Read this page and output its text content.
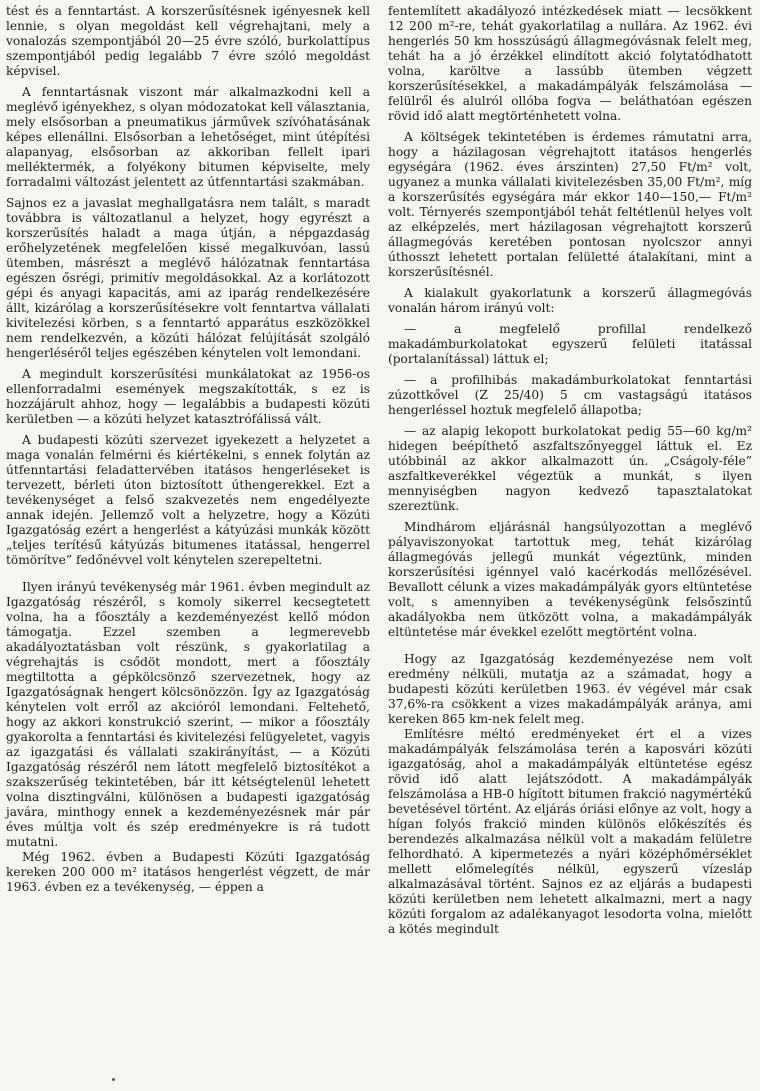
tést és a fenntartást. A korszerűsítésnek igényesnek kell lennie, s olyan megoldást kell végrehajtani, mely a vonalozás szempontjából 20—25 évre szóló, burkolattípus szempontjából pedig legalább 7 évre szóló megoldást képvisel.

A fenntartásnak viszont már alkalmazkodni kell a meglévő igényekhez, s olyan módozatokat kell választania, mely elsősorban a pneumatikus járművek szívóhatásának képes ellenállni. Elsősorban a lehetőséget, mint útépítési alapanyag, elsősorban az akkoriban fellelt ipari melléktermék, a folyékony bitumen képviselte, mely forradalmi változást jelentett az útfenntartási szakmában.

Sajnos ez a javaslat meghallgatásra nem talált, s maradt továbbra is változatlanul a helyzet, hogy egyrészt a korszerűsítés haladt a maga útján, a népgazdaság erőhelyzetének megfelelően kissé megalkuvóan, lassú ütemben, másrészt a meglévő hálózatnak fenntartása egészen ősrégi, primitív megoldásokkal. Az a korlátozott gépi és anyagi kapacitás, ami az iparág rendelkezésére állt, kizárólag a korszerűsítésekre volt fenntartva vállalati kivitelezési körben, s a fenntartó apparátus eszközökkel nem rendelkezvén, a közúti hálózat felújítását szolgáló hengerléséről teljes egészében kénytelen volt lemondani.

A megindult korszerűsítési munkálatokat az 1956-os ellenforradalmi események megszakították, s ez is hozzájárult ahhoz, hogy — legalábbis a budapesti közúti kerületben — a közúti helyzet katasztrófálissá vált.

A budapesti közúti szervezet igyekezett a helyzetet a maga vonalán felmérni és kiértékelni, s ennek folytán az útfenntartási feladattervében itatásos hengerléseket is tervezett, bérleti úton biztosított úthengerekkel. Ezt a tevékenységet a felső szakvezetés nem engedélyezte annak idején. Jellemző volt a helyzetre, hogy a Közúti Igazgatóság ezért a hengerlést a kátyúzási munkák között „teljes terítésű kátyúzás bitumenes itatással, hengerrel tömörítve” fedőnévvel volt kénytelen szerepeltetni.

Ilyen irányú tevékenység már 1961. évben megindult az Igazgatóság részéről, s komoly sikerrel kecsegtetett volna, ha a főosztály a kezdeményezést kellő módon támogatja. Ezzel szemben a legmerevebb akadályoztatásban volt részünk, s gyakorlatilag a végrehajtás is csődöt mondott, mert a főosztály megtiltotta a gépkölcsönző szervezetnek, hogy az Igazgatóságnak hengert kölcsönözzön. Így az Igazgatóság kénytelen volt erről az akcióról lemondani. Feltehető, hogy az akkori konstrukció szerint, — mikor a főosztály gyakorolta a fenntartási és kivitelezési felügyeletet, vagyis az igazgatási és vállalati szakirányítást, — a Közúti Igazgatóság részéről nem látott megfelelő biztosítékot a szakszerűség tekintetében, bár itt kétségtelenül lehetett volna disztingválni, különösen a budapesti igazgatóság javára, minthogy ennek a kezdeményezésnek már pár éves múltja volt és szép eredményekre is rá tudott mutatni.

Még 1962. évben a Budapesti Közúti Igazgatóság kereken 200 000 m² itatásos hengerlést végzett, de már 1963. évben ez a tevékenység, — éppen a

fentemlített akadályozó intézkedések miatt — lecsökkent 12 200 m²-re, tehát gyakorlatilag a nullára. Az 1962. évi hengerlés 50 km hosszúságú állagmegóvásnak felelt meg, tehát ha a jó érzékkel elindított akció folytatódhatott volna, karöltve a lassúbb ütemben végzett korszerűsítésekkel, a makadámpályák felszámolása — felülről és alulról ollóba fogva — beláthatóan egészen rövid idő alatt megtörténhetett volna.

A költségek tekintetében is érdemes rámutatni arra, hogy a házilagosan végrehajtott itatásos hengerlés egységára (1962. éves árszinten) 27,50 Ft/m² volt, ugyanez a munka vállalati kivitelezésben 35,00 Ft/m², míg a korszerűsítés egységára már ekkor 140—150,— Ft/m² volt. Térnyerés szempontjából tehát feltétlenül helyes volt az elképzelés, mert házilagosan végrehajtott korszerű állagmegóvás keretében pontosan nyolcszor annyi úthosszt lehetett portalan felületté átalakítani, mint a korszerűsítésnél.

A kialakult gyakorlatunk a korszerű állagmegóvás vonalán három irányú volt:

— a megfelelő profillal rendelkező makadámburkolatokat egyszerű felületi itatással (portalanítással) láttuk el;

— a profilhibás makadámburkolatokat fenntartási zúzottkővel (Z 25/40) 5 cm vastagságú itatásos hengerléssel hoztuk megfelelő állapotba;

— az alapig lekopott burkolatokat pedig 55—60 kg/m² hidegen beépíthető aszfaltszőnyeggel láttuk el. Ez utóbbinál az akkor alkalmazott ún. „Cságoly-féle” aszfaltkeverékkel végeztük a munkát, s ilyen mennyiségben nagyon kedvező tapasztalatokat szereztünk.

Mindhárom eljárásnál hangsúlyozottan a meglévő pályaviszonyokat tartottuk meg, tehát kizárólag állagmegóvás jellegű munkát végeztünk, minden korszerűsítési igénnyel való kacérkodás mellőzésével. Bevallott célunk a vizes makadámpályák gyors eltüntetése volt, s amennyiben a tevékenységünk felsőszintű akadályokba nem ütközött volna, a makadámpályák eltüntetése már évekkel ezelőtt megtörtént volna.

Hogy az Igazgatóság kezdeményezése nem volt eredmény nélküli, mutatja az a számadat, hogy a budapesti közúti kerületben 1963. év végével már csak 37,6%-ra csökkent a vizes makadámpályák aránya, ami kereken 865 km-nek felelt meg.

Említésre méltó eredményeket ért el a vizes makadámpályák felszámolása terén a kaposvári közúti igazgatóság, ahol a makadámpályák eltüntetése egész rövid idő alatt lejátszódott. A makadámpályák felszámolása a HB-0 hígított bitumen frakció nagymértékű bevetésével történt. Az eljárás óriási előnye az volt, hogy a hígan folyós frakció minden különös előkészítés és berendezés alkalmazása nélkül volt a makadám felületre felhordható. A kipermetezés a nyári középhőmérséklet mellett előmelegítés nélkül, egyszerű vízesláp alkalmazásával történt. Sajnos ez az eljárás a budapesti közúti kerületben nem lehetett alkalmazni, mert a nagy közúti forgalom az adalékanyagot lesodorta volna, mielőtt a kötés megindult
